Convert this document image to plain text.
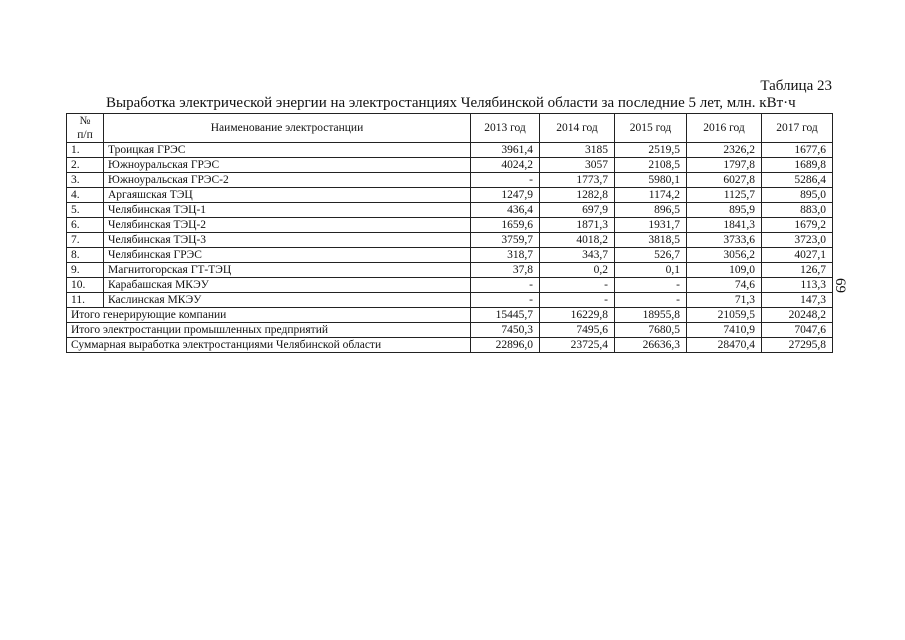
Таблица 23
Выработка электрической энергии на электростанциях Челябинской области за последние 5 лет, млн. кВт·ч
69
№
п/п	Наименование электростанции	2013 год	2014 год	2015 год	2016 год	2017 год
1.	Троицкая ГРЭС	3961,4	3185	2519,5	2326,2	1677,6
2.	Южноуральская ГРЭС	4024,2	3057	2108,5	1797,8	1689,8
3.	Южноуральская ГРЭС-2	-	1773,7	5980,1	6027,8	5286,4
4.	Аргаяшская ТЭЦ	1247,9	1282,8	1174,2	1125,7	895,0
5.	Челябинская ТЭЦ-1	436,4	697,9	896,5	895,9	883,0
6.	Челябинская ТЭЦ-2	1659,6	1871,3	1931,7	1841,3	1679,2
7.	Челябинская ТЭЦ-3	3759,7	4018,2	3818,5	3733,6	3723,0
8.	Челябинская ГРЭС	318,7	343,7	526,7	3056,2	4027,1
9.	Магнитогорская ГТ-ТЭЦ	37,8	0,2	0,1	109,0	126,7
10.	Карабашская МКЭУ	-	-	-	74,6	113,3
11.	Каслинская МКЭУ	-	-	-	71,3	147,3
Итого генерирующие компании		15445,7	16229,8	18955,8	21059,5	20248,2
Итого электростанции промышленных предприятий		7450,3	7495,6	7680,5	7410,9	7047,6
Суммарная выработка электростанциями Челябинской области		22896,0	23725,4	26636,3	28470,4	27295,8
